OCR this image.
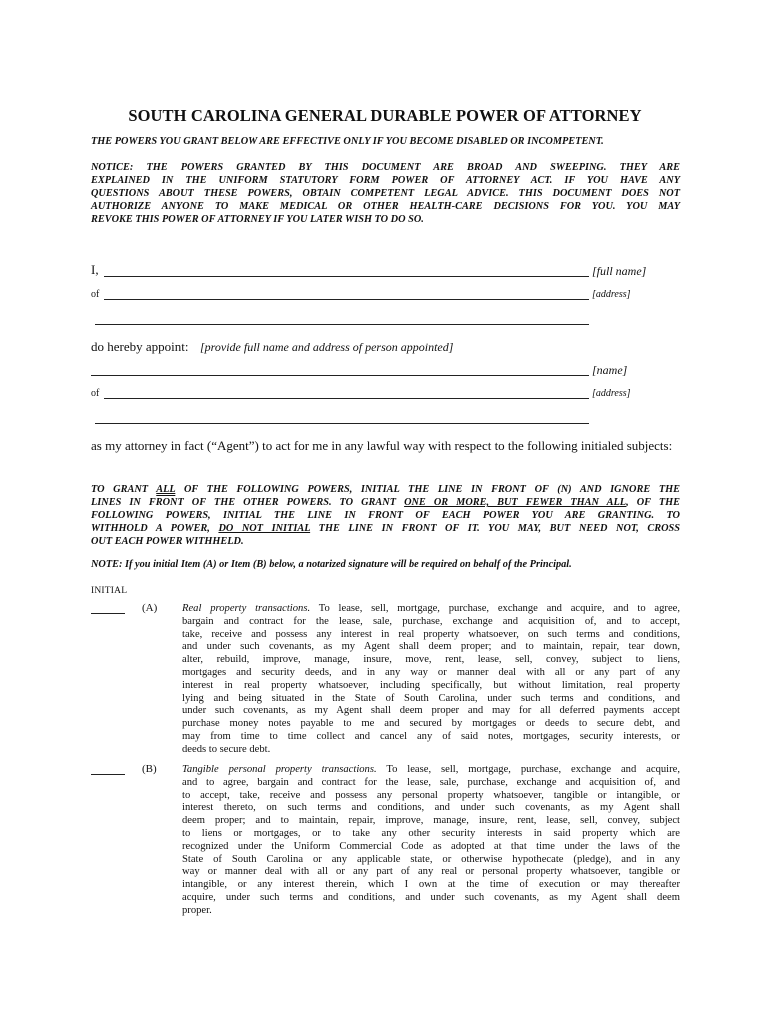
SOUTH CAROLINA GENERAL DURABLE POWER OF ATTORNEY
THE POWERS YOU GRANT BELOW ARE EFFECTIVE ONLY IF YOU BECOME DISABLED OR INCOMPETENT.
NOTICE: THE POWERS GRANTED BY THIS DOCUMENT ARE BROAD AND SWEEPING. THEY ARE
EXPLAINED IN THE UNIFORM STATUTORY FORM POWER OF ATTORNEY ACT. IF YOU HAVE ANY
QUESTIONS ABOUT THESE POWERS, OBTAIN COMPETENT LEGAL ADVICE. THIS DOCUMENT DOES NOT
AUTHORIZE ANYONE TO MAKE MEDICAL OR OTHER HEALTH-CARE DECISIONS FOR YOU. YOU MAY
REVOKE THIS POWER OF ATTORNEY IF YOU LATER WISH TO DO SO.
I,	[full name]
of	[address]
do hereby appoint: [provide full name and address of person appointed]
[name]
of	[address]
as my attorney in fact (“Agent”) to act for me in any lawful way with respect to the following initialed subjects:
TO GRANT ALL OF THE FOLLOWING POWERS, INITIAL THE LINE IN FRONT OF (N) AND IGNORE THE
LINES IN FRONT OF THE OTHER POWERS. TO GRANT ONE OR MORE, BUT FEWER THAN ALL, OF THE
FOLLOWING POWERS, INITIAL THE LINE IN FRONT OF EACH POWER YOU ARE GRANTING. TO
WITHHOLD A POWER, DO NOT INITIAL THE LINE IN FRONT OF IT. YOU MAY, BUT NEED NOT, CROSS
OUT EACH POWER WITHHELD.
NOTE: If you initial Item (A) or Item (B) below, a notarized signature will be required on behalf of the Principal.
INITIAL
(A) Real property transactions. To lease, sell, mortgage, purchase, exchange and acquire, and to agree,
bargain and contract for the lease, sale, purchase, exchange and acquisition of, and to accept,
take, receive and possess any interest in real property whatsoever, on such terms and conditions,
and under such covenants, as my Agent shall deem proper; and to maintain, repair, tear down,
alter, rebuild, improve, manage, insure, move, rent, lease, sell, convey, subject to liens,
mortgages and security deeds, and in any way or manner deal with all or any part of any
interest in real property whatsoever, including specifically, but without limitation, real property
lying and being situated in the State of South Carolina, under such terms and conditions, and
under such covenants, as my Agent shall deem proper and may for all deferred payments accept
purchase money notes payable to me and secured by mortgages or deeds to secure debt, and
may from time to time collect and cancel any of said notes, mortgages, security interests, or
deeds to secure debt.
(B) Tangible personal property transactions. To lease, sell, mortgage, purchase, exchange and acquire,
and to agree, bargain and contract for the lease, sale, purchase, exchange and acquisition of, and
to accept, take, receive and possess any personal property whatsoever, tangible or intangible, or
interest thereto, on such terms and conditions, and under such covenants, as my Agent shall
deem proper; and to maintain, repair, improve, manage, insure, rent, lease, sell, convey, subject
to liens or mortgages, or to take any other security interests in said property which are
recognized under the Uniform Commercial Code as adopted at that time under the laws of the
State of South Carolina or any applicable state, or otherwise hypothecate (pledge), and in any
way or manner deal with all or any part of any real or personal property whatsoever, tangible or
intangible, or any interest therein, which I own at the time of execution or may thereafter
acquire, under such terms and conditions, and under such covenants, as my Agent shall deem
proper.
